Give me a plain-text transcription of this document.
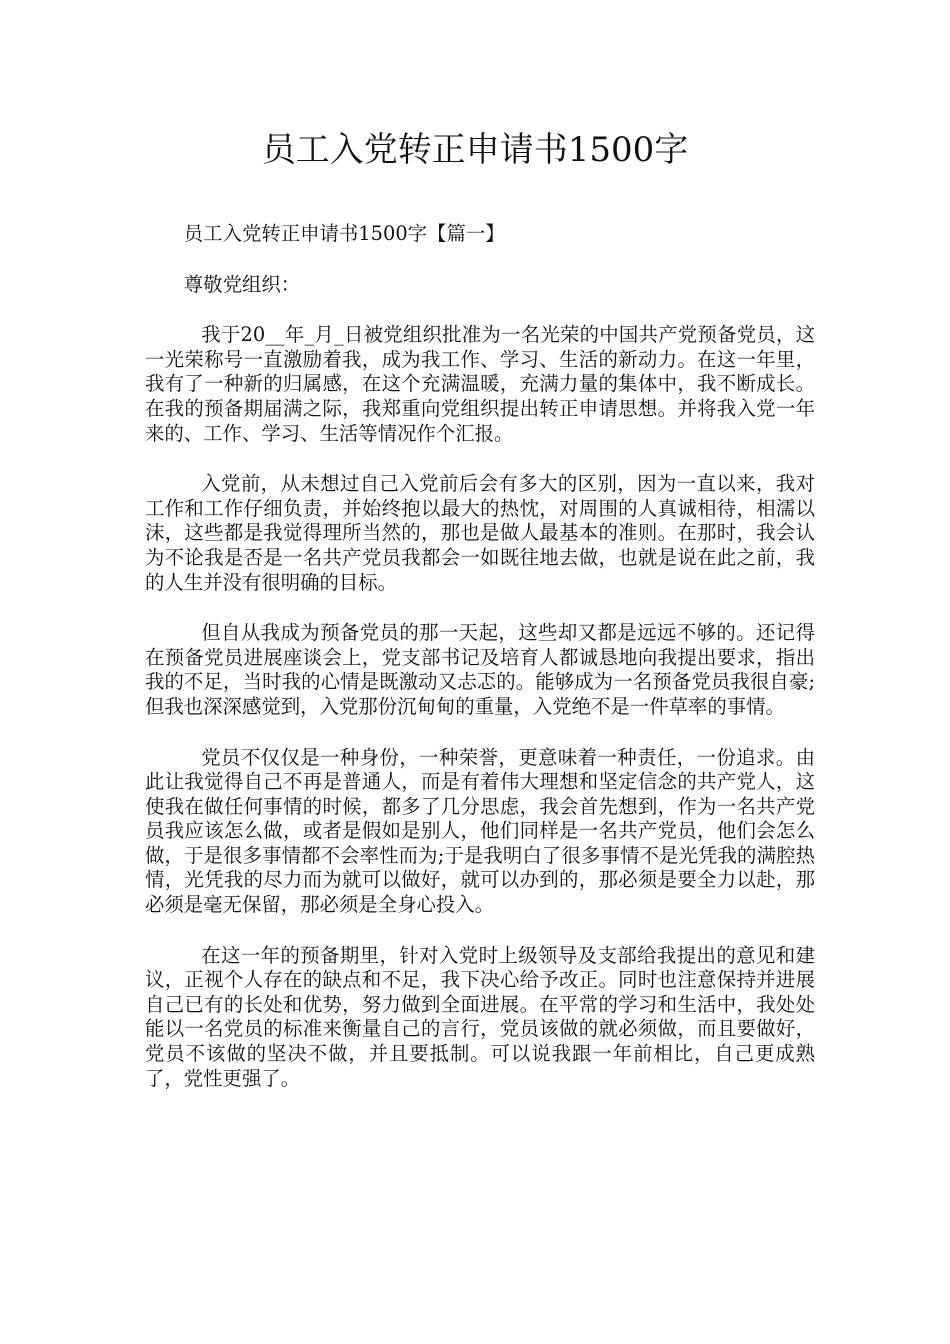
员工入党转正申请书1500字

员工入党转正申请书1500字【篇一】

尊敬党组织：

我于20__年_月_日被党组织批准为一名光荣的中国共产党预备党员，这一光荣称号一直激励着我，成为我工作、学习、生活的新动力。在这一年里，我有了一种新的归属感，在这个充满温暖，充满力量的集体中，我不断成长。在我的预备期届满之际，我郑重向党组织提出转正申请思想。并将我入党一年来的、工作、学习、生活等情况作个汇报。

入党前，从未想过自己入党前后会有多大的区别，因为一直以来，我对工作和工作仔细负责，并始终抱以最大的热忱，对周围的人真诚相待，相濡以沫，这些都是我觉得理所当然的，那也是做人最基本的准则。在那时，我会认为不论我是否是一名共产党员我都会一如既往地去做，也就是说在此之前，我的人生并没有很明确的目标。

但自从我成为预备党员的那一天起，这些却又都是远远不够的。还记得在预备党员进展座谈会上，党支部书记及培育人都诚恳地向我提出要求，指出我的不足，当时我的心情是既激动又忐忑的。能够成为一名预备党员我很自豪;但我也深深感觉到，入党那份沉甸甸的重量，入党绝不是一件草率的事情。

党员不仅仅是一种身份，一种荣誉，更意味着一种责任，一份追求。由此让我觉得自己不再是普通人，而是有着伟大理想和坚定信念的共产党人，这使我在做任何事情的时候，都多了几分思虑，我会首先想到，作为一名共产党员我应该怎么做，或者是假如是别人，他们同样是一名共产党员，他们会怎么做，于是很多事情都不会率性而为;于是我明白了很多事情不是光凭我的满腔热情，光凭我的尽力而为就可以做好，就可以办到的，那必须是要全力以赴，那必须是毫无保留，那必须是全身心投入。

在这一年的预备期里，针对入党时上级领导及支部给我提出的意见和建议，正视个人存在的缺点和不足，我下决心给予改正。同时也注意保持并进展自己已有的长处和优势，努力做到全面进展。在平常的学习和生活中，我处处能以一名党员的标准来衡量自己的言行，党员该做的就必须做，而且要做好，党员不该做的坚决不做，并且要抵制。可以说我跟一年前相比，自己更成熟了，党性更强了。
